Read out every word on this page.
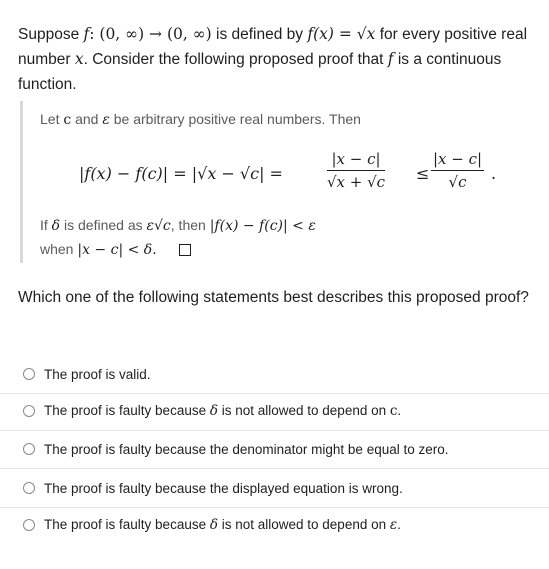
Suppose f: (0, ∞) → (0, ∞) is defined by f(x) = √x for every positive real number x. Consider the following proposed proof that f is a continuous function.
Let c and ε be arbitrary positive real numbers. Then
If δ is defined as ε√c, then |f(x) − f(c)| < ε
when |x − c| < δ.
|f(x) − f(c)| = |√x − √c| =	$\frac{|x - c|}{√x + √c} \le \frac{|x - c|}{√c}$ .
Which one of the following statements best describes this proposed proof?
The proof is valid.
The proof is faulty because δ is not allowed to depend on c.
The proof is faulty because the denominator might be equal to zero.
The proof is faulty because the displayed equation is wrong.
The proof is faulty because δ is not allowed to depend on ε.
